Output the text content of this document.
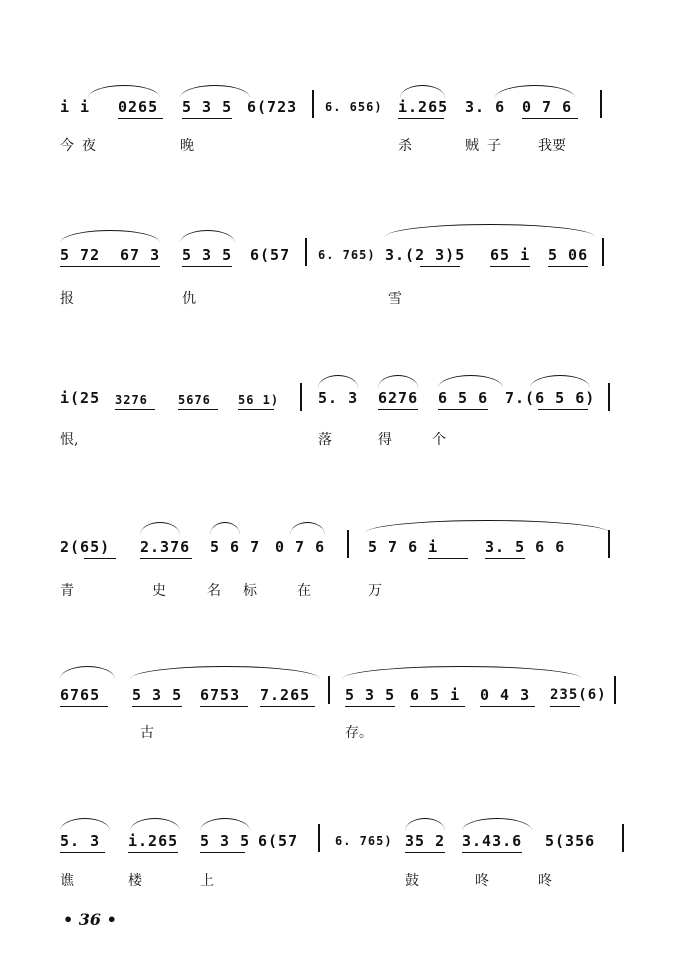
i i 0265 5 3 5 6(723 6. 656) i.265 3. 6 0 7 6
今夜	晚	杀	贼子 我要
5 72 67 3 5 3 5 6(57 6. 765) 3.(2 3)5 65 i 5 06
报	仇	雪
i(25 3276	5676 56 1)	5. 3 6276 6 5 6 7.(6 5 6)
恨,	落	得	个
2(65) 2.376 5 6 7 0 7 6	5 7 6 i	3. 5 6 6
青	史	名 标	在	万
6765 5 3 5 6753 7.265 5 3 5 6 5 i 0 4 3 235(6)
古	存。
5. 3 i.265 5 3 5 6(57	6. 765) 35 2 3.43.6 5(356
谯	楼	上	鼓	咚	咚
• 36 •
